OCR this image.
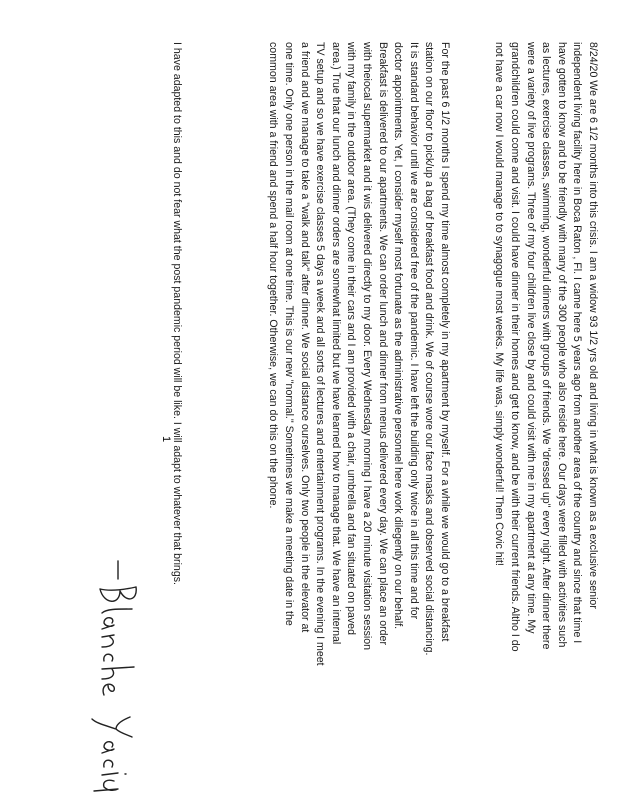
8/24/20 We are 6 1/2 months into this crisis. I am a widow 93 1/2 yrs old and living in what is known as a exclusive senior
independent living facility here in Boca Raton , Fl. I came here 5 years ago from another area of the country and since that time I
have gotten to know and to be friendly with many of the 300 people who also reside here. Our days were filled with activities such
as lectures, exercise classes, swimming, wonderful dinners with groups of friends. We "dressed up" every night. After dinner there
were a variety of live programs. Three of my four children live close by and could visit with me in my apartment at any time. My
grandchildren could come and visit. I could have dinner in their homes and get to know, and be with their current friends. Altho I do
not have a car now I would manage to to synagogue most weeks. My life was, simply wonderful! Then Covic hit!

For the past 6 1/2 months I spend my time almost completely in my apartment by myself. For a while we would go to a breakfast
station on our floor to pick/up a bag of breakfast food and drink. We of course wore our face masks and observed social distancing.
It is standard behavior until we are considered free of the pandemic. I have left the building only twice in all this time and for
doctor appointments. Yet, I consider myself most fortunate as the administrative personnel here work dilegently on our behalf.
Breakfast is delivered to our apartments. We can order lunch and dinner from menus delivered every day. We can place an order
with theiocal supermarket and it wis delivered directly to my door. Every Wednesday morning I have a 20 minute visitation session
with my family in the outdoor area. (They come in their cars and I am provided with a chair, umbrella and fan situated on paved
area.) True that our lunch and dinner orders are somewhat limited but we have learned how to manage that. We have an internal
TV setup and so we have exercise classes 5 days a week and all sorts of lectures and entertainment programs. In the evening I meet
a friend and we manage to take a "walk and talk" after dinner. We social distance ourselves. Only two people in the elevator at
one time. Only one person in the mail room at one time. This is our new "normal." Sometimes we make a meeting date in the
common area with a friend and spend a half hour together. Otherwise, we can do this on the phone.

I have adapted to this and do not fear what the post pandemic period will be like. I will adapt to whatever that brings.

1
